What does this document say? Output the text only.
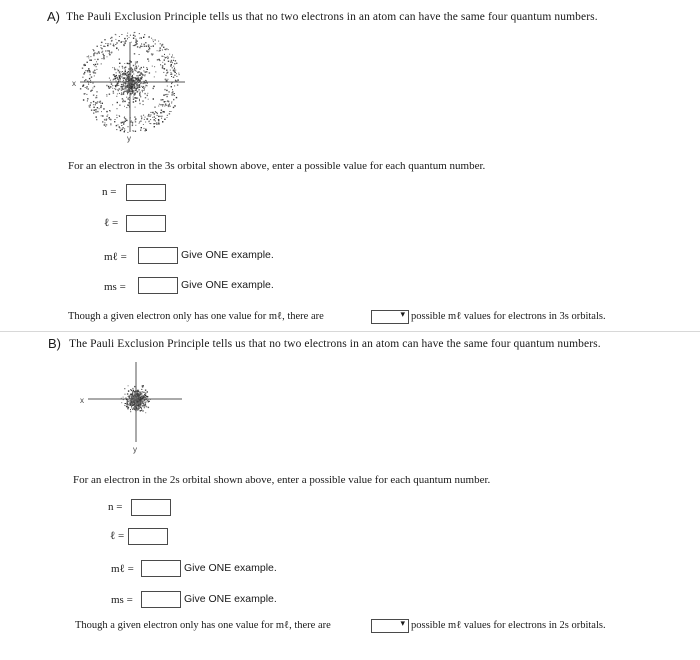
A) The Pauli Exclusion Principle tells us that no two electrons in an atom can have the same four quantum numbers.
x
y
For an electron in the 3s orbital shown above, enter a possible value for each quantum number.
n =
ℓ =
mℓ =	Give ONE example.
ms =	Give ONE example.
Though a given electron only has one value for mℓ, there are	▾ possible mℓ values for electrons in 3s orbitals.
B) The Pauli Exclusion Principle tells us that no two electrons in an atom can have the same four quantum numbers.
x
y
For an electron in the 2s orbital shown above, enter a possible value for each quantum number.
n =
ℓ =
mℓ =	Give ONE example.
ms =	Give ONE example.
Though a given electron only has one value for mℓ, there are	▾ possible mℓ values for electrons in 2s orbitals.
